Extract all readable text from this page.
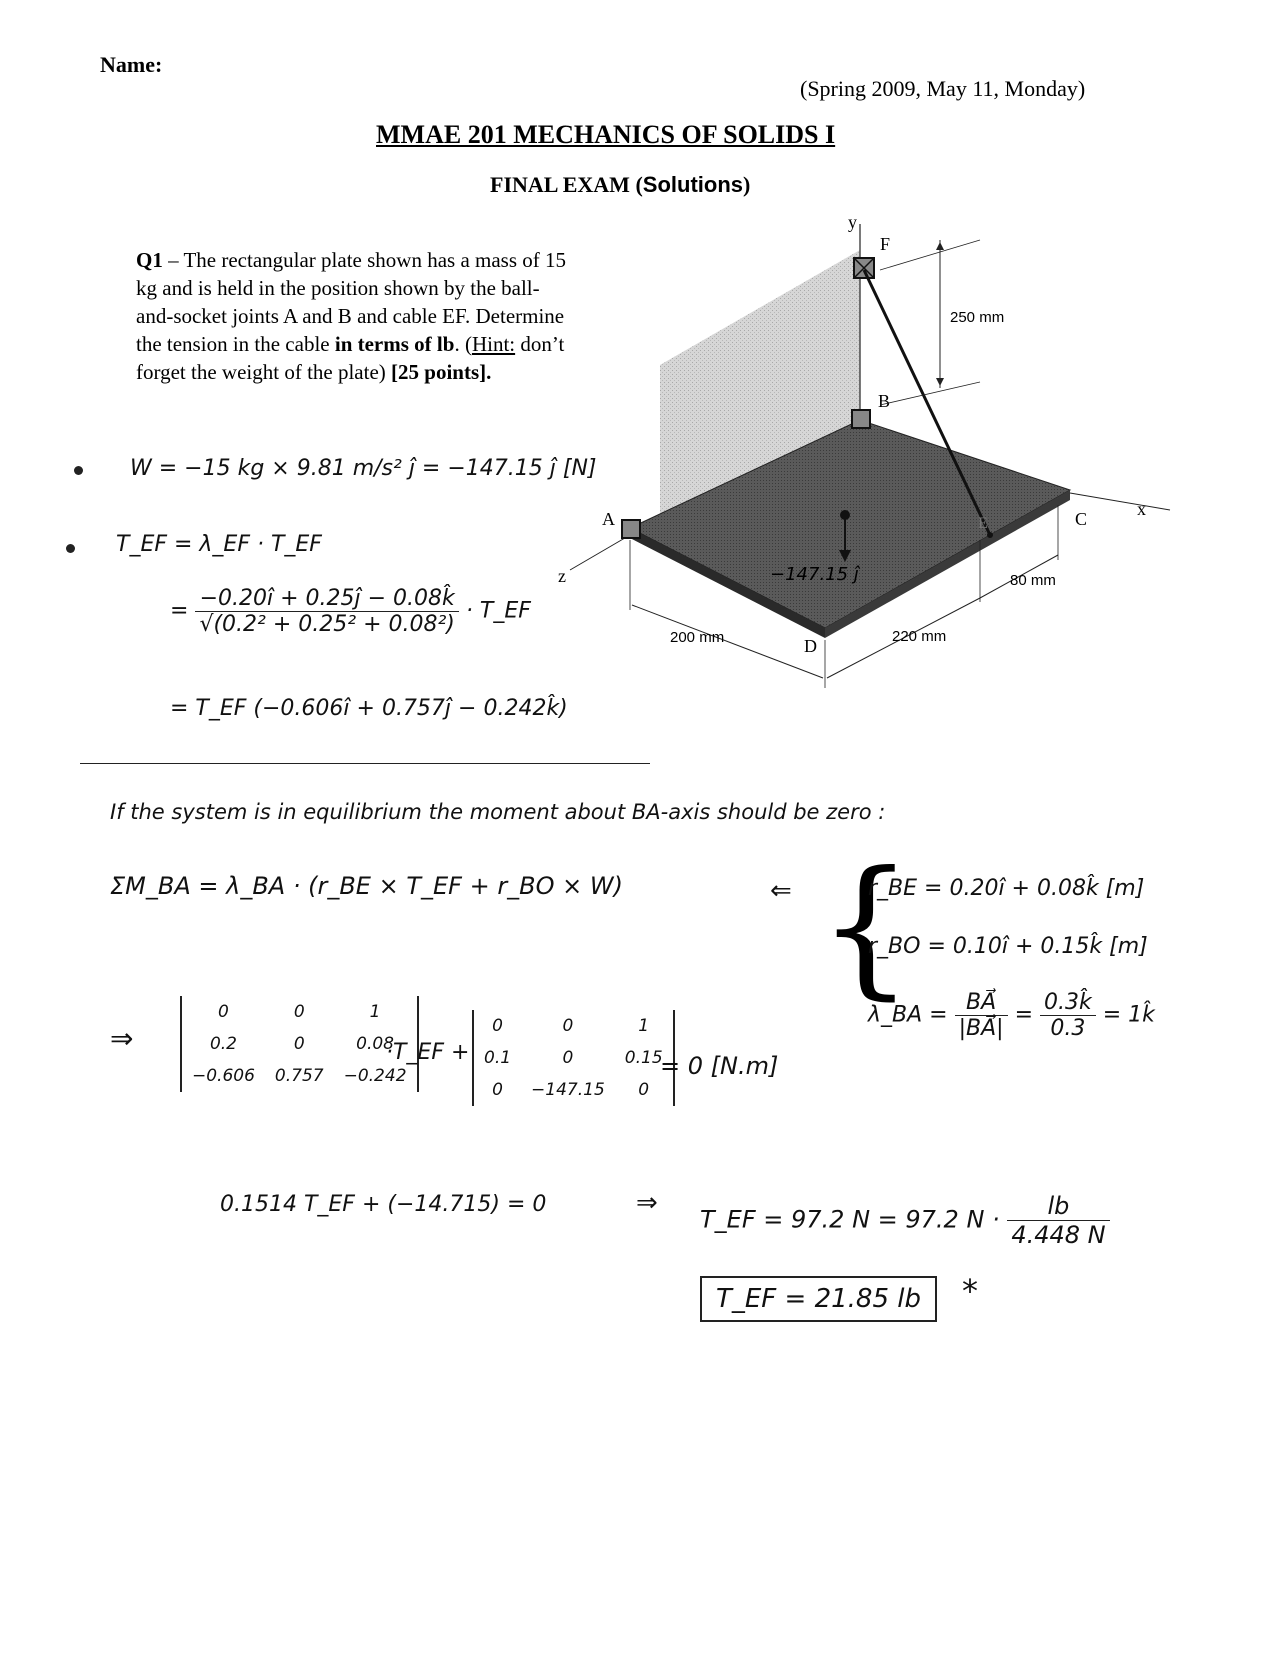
Name:
(Spring 2009, May 11, Monday)
MMAE 201 MECHANICS OF SOLIDS I
FINAL EXAM (Solutions)
Q1 – The rectangular plate shown has a mass of 15 kg and is held in the position shown by the ball-and-socket joints A and B and cable EF. Determine the tension in the cable in terms of lb. (Hint: don’t forget the weight of the plate) [25 points].
y
x
z
A
B
C
D
E
F
250 mm
200 mm	220 mm
80 mm
−147.15 ĵ
W = −15 kg × 9.81 m/s² ĵ = −147.15 ĵ [N]
T_EF = λ_EF · T_EF
= $\frac{-0.20î + 0.25ĵ - 0.08k̂}{\text{√(0.2² + 0.25² + 0.08²)}}$ · T_EF
= T_EF (−0.606î + 0.757ĵ − 0.242k̂)
If the system is in equilibrium the moment about BA-axis should be zero :
ΣM_BA = λ_BA · (r_BE × T_EF + r_BO × W)	⇐ {
r_BE = 0.20î + 0.08k̂ [m]
r_BO = 0.10î + 0.15k̂ [m]
λ_BA = $\frac{BA⃗}{|BA⃗|} = \frac{0.3k̂}{0.3}$ = 1k̂
⇒
0	0	1
0.2	0	0.08
−0.606	0.757	−0.242
·T_EF +
0	0	1
0.1	0	0.15
0	−147.15	0
= 0 [N.m]
0.1514 T_EF + (−14.715) = 0	⇒
T_EF = 97.2 N = 97.2 $N \cdot \frac{lb}{4.448 N}$
T_EF = 21.85 lb	*
